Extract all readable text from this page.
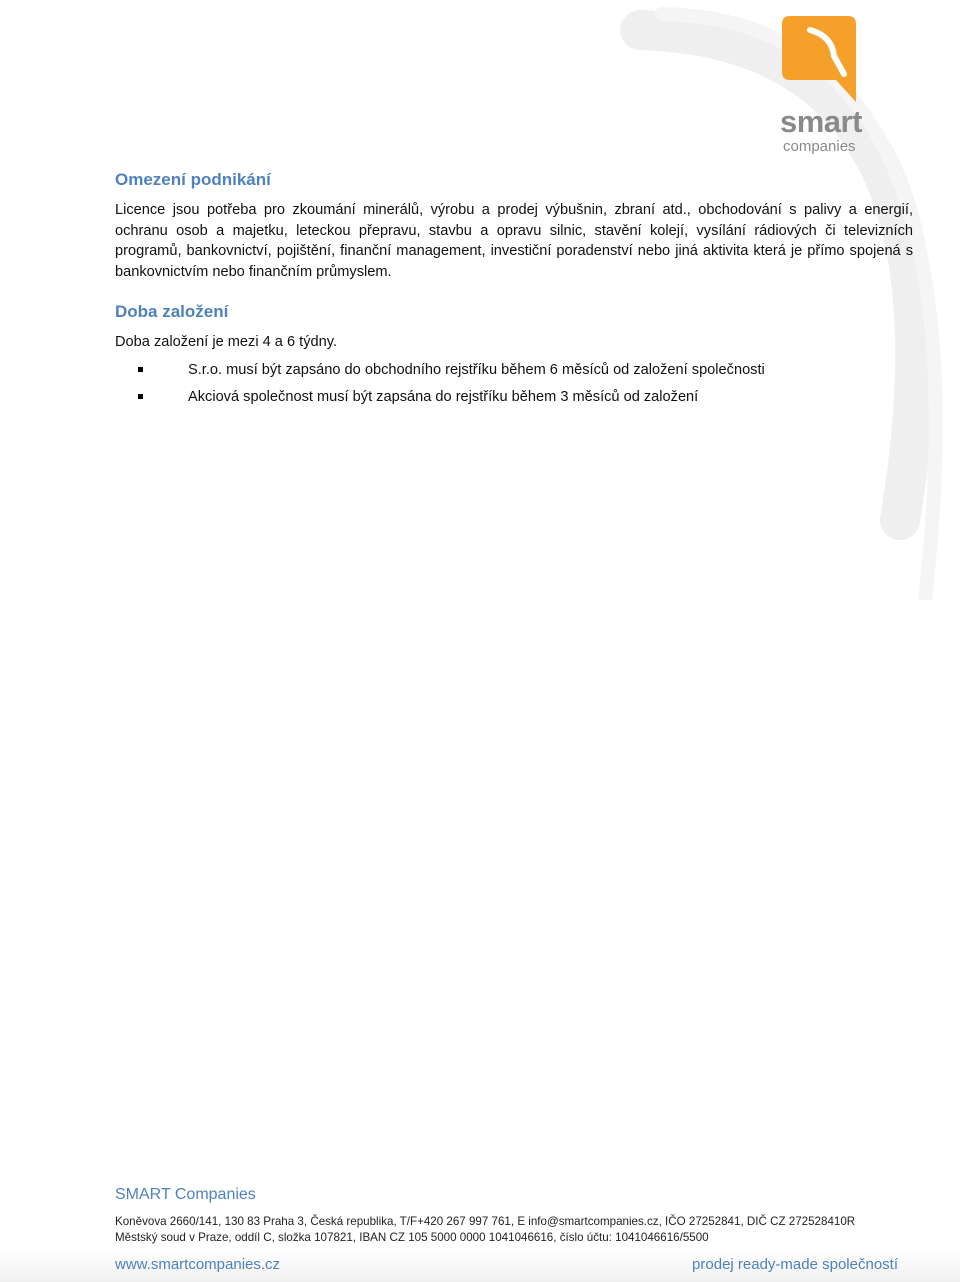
smart
companies
Omezení podnikání

Licence jsou potřeba pro zkoumání minerálů, výrobu a prodej výbušnin, zbraní atd., obchodování s palivy a energií, ochranu osob a majetku, leteckou přepravu, stavbu a opravu silnic, stavění kolejí, vysílání rádiových či televizních programů, bankovnictví, pojištění, finanční management, investiční poradenství nebo jiná aktivita která je přímo spojená s bankovnictvím nebo finančním průmyslem.

Doba založení

Doba založení je mezi 4 a 6 týdny.

S.r.o. musí být zapsáno do obchodního rejstříku během 6 měsíců od založení společnosti
Akciová společnost musí být zapsána do rejstříku během 3 měsíců od založení
SMART Companies
Koněvova 2660/141, 130 83 Praha 3, Česká republika, T/F+420 267 997 761, E info@smartcompanies.cz, IČO 27252841, DIČ CZ 272528410R
Městský soud v Praze, oddíl C, složka 107821, IBAN CZ 105 5000 0000 1041046616, číslo účtu: 1041046616/5500
www.smartcompanies.cz	prodej ready-made společností
